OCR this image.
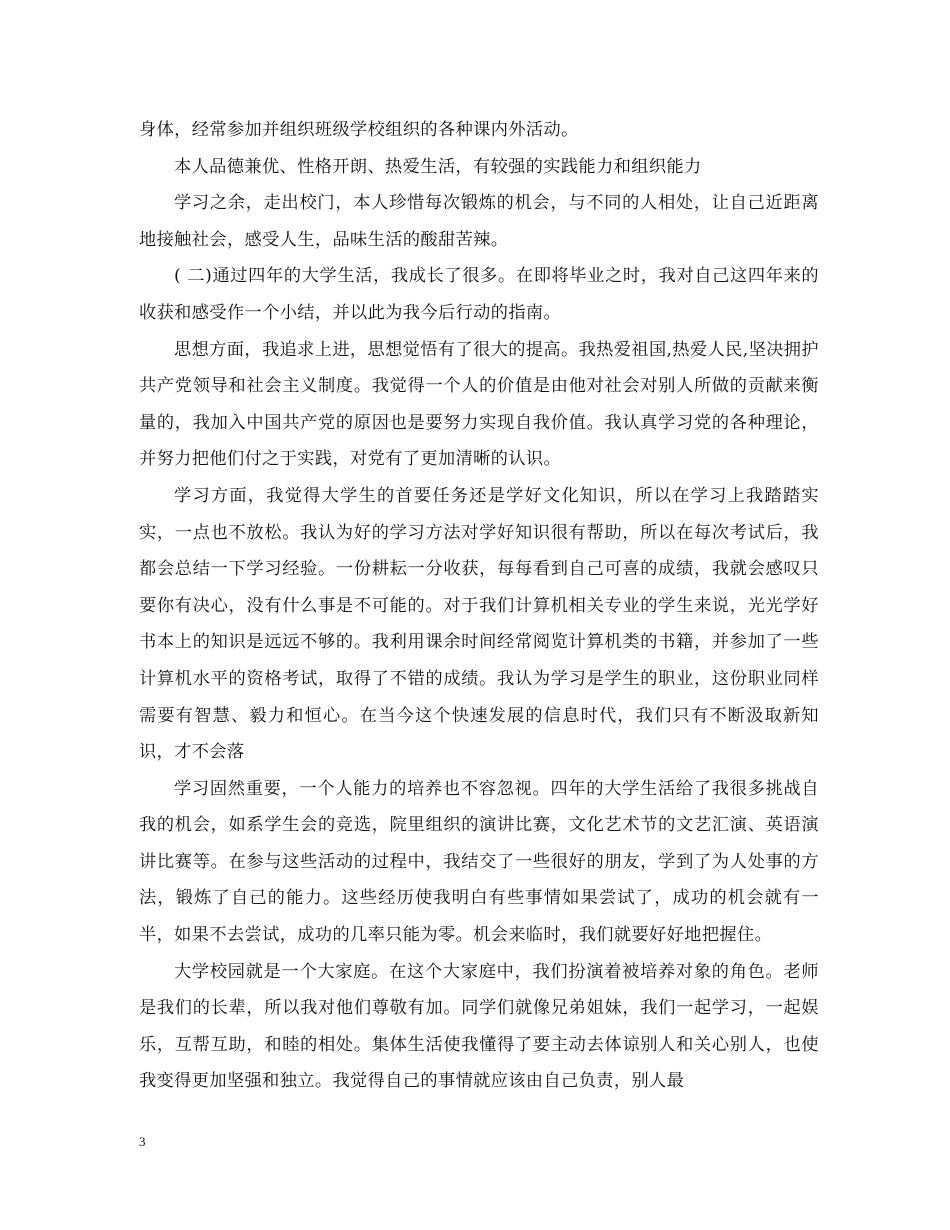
身体，经常参加并组织班级学校组织的各种课内外活动。

本人品德兼优、性格开朗、热爱生活，有较强的实践能力和组织能力

学习之余，走出校门，本人珍惜每次锻炼的机会，与不同的人相处，让自己近距离地接触社会，感受人生，品味生活的酸甜苦辣。

( 二)通过四年的大学生活，我成长了很多。在即将毕业之时，我对自己这四年来的收获和感受作一个小结，并以此为我今后行动的指南。

思想方面，我追求上进，思想觉悟有了很大的提高。我热爱祖国,热爱人民,坚决拥护共产党领导和社会主义制度。我觉得一个人的价值是由他对社会对别人所做的贡献来衡量的，我加入中国共产党的原因也是要努力实现自我价值。我认真学习党的各种理论，并努力把他们付之于实践，对党有了更加清晰的认识。

学习方面，我觉得大学生的首要任务还是学好文化知识，所以在学习上我踏踏实实，一点也不放松。我认为好的学习方法对学好知识很有帮助，所以在每次考试后，我都会总结一下学习经验。一份耕耘一分收获，每每看到自己可喜的成绩，我就会感叹只要你有决心，没有什么事是不可能的。对于我们计算机相关专业的学生来说，光光学好书本上的知识是远远不够的。我利用课余时间经常阅览计算机类的书籍，并参加了一些计算机水平的资格考试，取得了不错的成绩。我认为学习是学生的职业，这份职业同样需要有智慧、毅力和恒心。在当今这个快速发展的信息时代，我们只有不断汲取新知识，才不会落

学习固然重要，一个人能力的培养也不容忽视。四年的大学生活给了我很多挑战自我的机会，如系学生会的竞选，院里组织的演讲比赛，文化艺术节的文艺汇演、英语演讲比赛等。在参与这些活动的过程中，我结交了一些很好的朋友，学到了为人处事的方法，锻炼了自己的能力。这些经历使我明白有些事情如果尝试了，成功的机会就有一半，如果不去尝试，成功的几率只能为零。机会来临时，我们就要好好地把握住。

大学校园就是一个大家庭。在这个大家庭中，我们扮演着被培养对象的角色。老师是我们的长辈，所以我对他们尊敬有加。同学们就像兄弟姐妹，我们一起学习，一起娱乐，互帮互助，和睦的相处。集体生活使我懂得了要主动去体谅别人和关心别人，也使我变得更加坚强和独立。我觉得自己的事情就应该由自己负责，别人最

3
